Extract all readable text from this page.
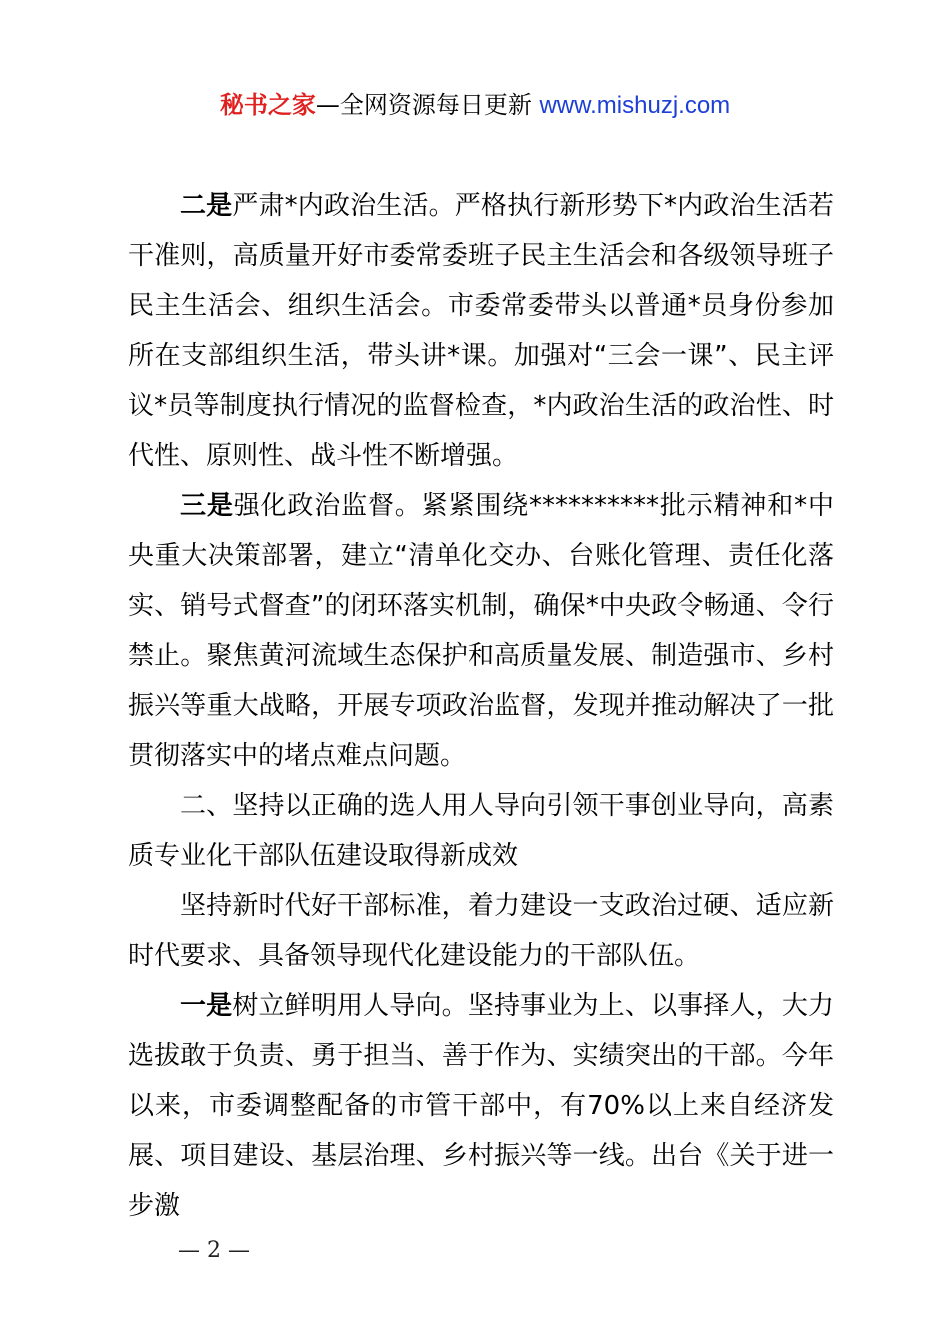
秘书之家—全网资源每日更新 www.mishuzj.com

二是严肃*内政治生活。严格执行新形势下*内政治生活若干准则，高质量开好市委常委班子民主生活会和各级领导班子民主生活会、组织生活会。市委常委带头以普通*员身份参加所在支部组织生活，带头讲*课。加强对“三会一课”、民主评议*员等制度执行情况的监督检查，*内政治生活的政治性、时代性、原则性、战斗性不断增强。

三是强化政治监督。紧紧围绕**********批示精神和*中央重大决策部署，建立“清单化交办、台账化管理、责任化落实、销号式督查”的闭环落实机制，确保*中央政令畅通、令行禁止。聚焦黄河流域生态保护和高质量发展、制造强市、乡村振兴等重大战略，开展专项政治监督，发现并推动解决了一批贯彻落实中的堵点难点问题。

二、坚持以正确的选人用人导向引领干事创业导向，高素质专业化干部队伍建设取得新成效

坚持新时代好干部标准，着力建设一支政治过硬、适应新时代要求、具备领导现代化建设能力的干部队伍。

一是树立鲜明用人导向。坚持事业为上、以事择人，大力选拔敢于负责、勇于担当、善于作为、实绩突出的干部。今年以来，市委调整配备的市管干部中，有70%以上来自经济发展、项目建设、基层治理、乡村振兴等一线。出台《关于进一步激

— 2 —
